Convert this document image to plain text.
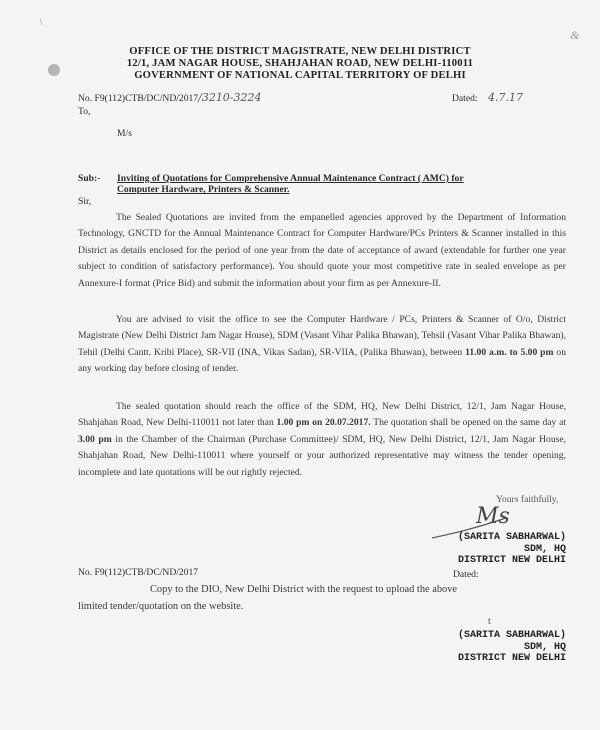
\
&
OFFICE OF THE DISTRICT MAGISTRATE, NEW DELHI DISTRICT
12/1, JAM NAGAR HOUSE, SHAHJAHAN ROAD, NEW DELHI-110011
GOVERNMENT OF NATIONAL CAPITAL TERRITORY OF DELHI
No. F9(112)CTB/DC/ND/2017/3210-3224	Dated: 4.7.17
To,
M/s
Sub:- Inviting of Quotations for Comprehensive Annual Maintenance Contract ( AMC) for
Computer Hardware, Printers & Scanner.
Sir,
The Sealed Quotations are invited from the empanelled agencies approved by the Department of Information Technology, GNCTD for the Annual Maintenance Contract for Computer Hardware/PCs Printers & Scanner installed in this District as details enclosed for the period of one year from the date of acceptance of award (extendable for further one year subject to condition of satisfactory performance). You should quote your most competitive rate in sealed envelope as per Annexure-I format (Price Bid) and submit the information about your firm as per Annexure-II.
You are advised to visit the office to see the Computer Hardware / PCs, Printers & Scanner of O/o, District Magistrate (New Delhi District Jam Nagar House), SDM (Vasant Vihar Palika Bhawan), Tehsil (Vasant Vihar Palika Bhawan), Tehil (Delhi Cantt. Kribi Place), SR-VII (INA, Vikas Sadan), SR-VIIA, (Palika Bhawan), between 11.00 a.m. to 5.00 pm on any working day before closing of tender.
The sealed quotation should reach the office of the SDM, HQ, New Delhi District, 12/1, Jam Nagar House, Shahjahan Road, New Delhi-110011 not later than 1.00 pm on 20.07.2017. The quotation shall be opened on the same day at 3.00 pm in the Chamber of the Chairman (Purchase Committee)/ SDM, HQ, New Delhi District, 12/1, Jam Nagar House, Shahjahan Road, New Delhi-110011 where yourself or your authorized representative may witness the tender opening, incomplete and late quotations will be out rightly rejected.
Yours faithfully,
Ms
(SARITA SABHARWAL)
SDM, HQ
DISTRICT NEW DELHI
No. F9(112)CTB/DC/ND/2017	Dated:
Copy to the DIO, New Delhi District with the request to upload the above
limited tender/quotation on the website.
t
(SARITA SABHARWAL)
SDM, HQ
DISTRICT NEW DELHI
